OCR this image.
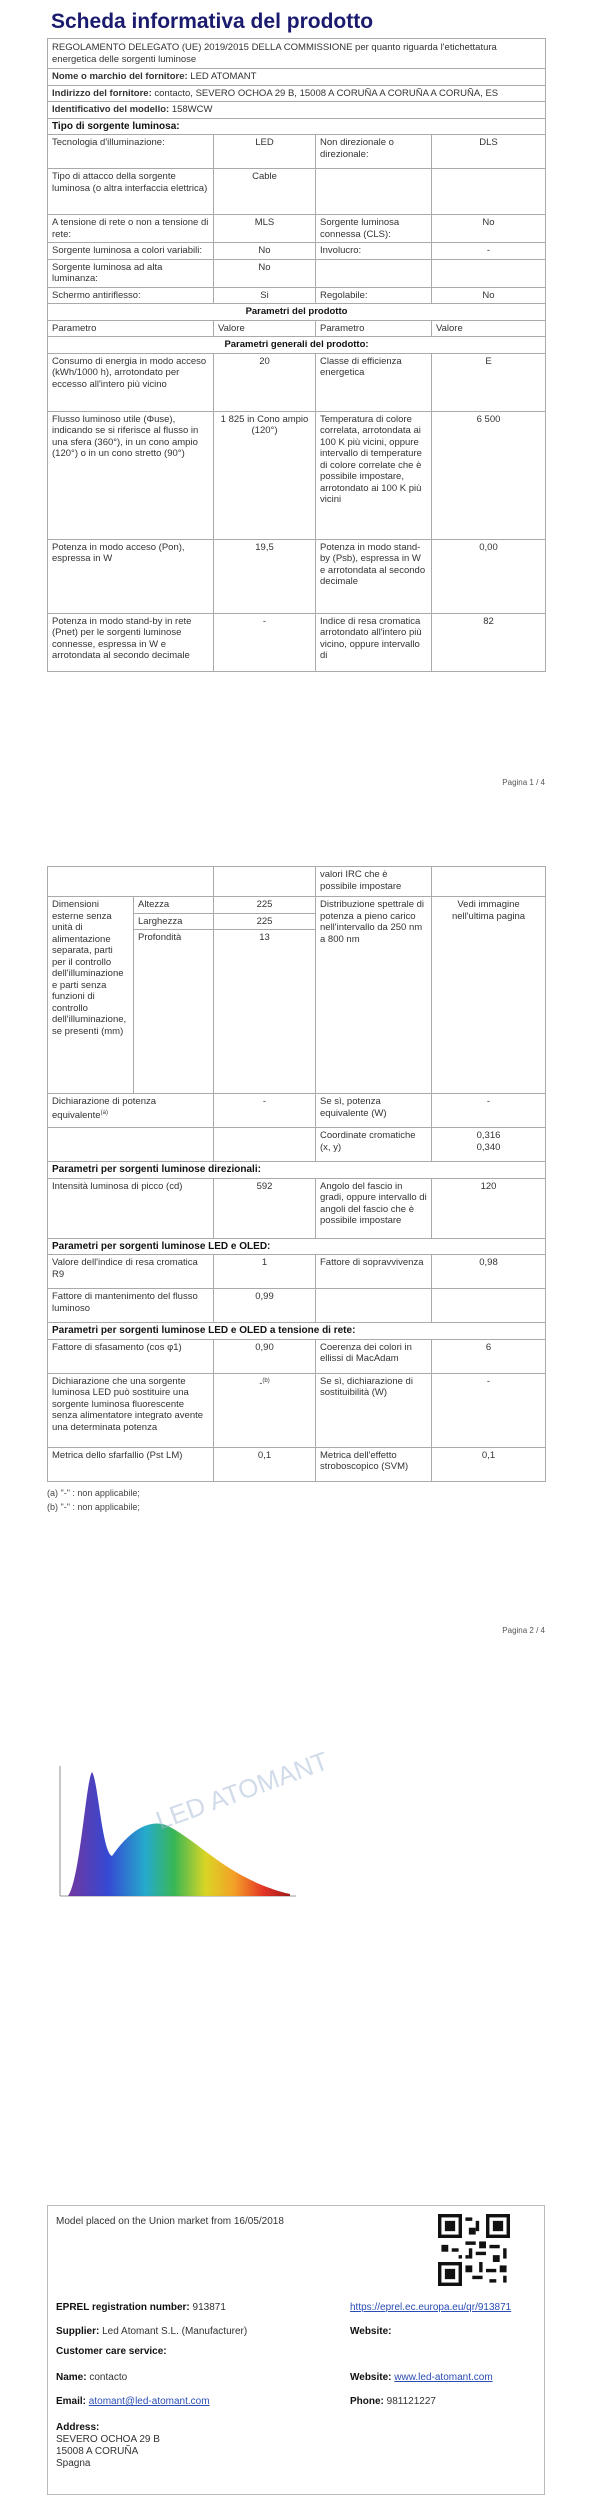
Scheda informativa del prodotto
REGOLAMENTO DELEGATO (UE) 2019/2015 DELLA COMMISSIONE per quanto riguarda l'etichettatura energetica delle sorgenti luminose			
Nome o marchio del fornitore: LED ATOMANT			
Indirizzo del fornitore: contacto, SEVERO OCHOA 29 B, 15008 A CORUÑA A CORUÑA A CORUÑA, ES			
Identificativo del modello: 158WCW			
Tipo di sorgente luminosa:			
Tecnologia d'illuminazione:	LED	Non direzionale o direzionale:	DLS
Tipo di attacco della sorgente luminosa (o altra interfaccia elettrica)	Cable		
A tensione di rete o non a tensione di rete:	MLS	Sorgente luminosa connessa (CLS):	No
Sorgente luminosa a colori variabili:	No	Involucro:	-
Sorgente luminosa ad alta luminanza:	No		
Schermo antiriflesso:	Si	Regolabile:	No
Parametri del prodotto			
Parametro	Valore	Parametro	Valore
Parametri generali del prodotto:			
Consumo di energia in modo acceso (kWh/1000 h), arrotondato per eccesso all'intero più vicino	20	Classe di efficienza energetica	E
Flusso luminoso utile (Φuse), indicando se si riferisce al flusso in una sfera (360°), in un cono ampio (120°) o in un cono stretto (90°)	1 825 in Cono ampio (120°)	Temperatura di colore correlata, arrotondata ai 100 K più vicini, oppure intervallo di temperature di colore correlate che è possibile impostare, arrotondato ai 100 K più vicini	6 500
Potenza in modo acceso (Pon), espressa in W	19,5	Potenza in modo stand-by (Psb), espressa in W e arrotondata al secondo decimale	0,00
Potenza in modo stand-by in rete (Pnet) per le sorgenti luminose connesse, espressa in W e arrotondata al secondo decimale	-	Indice di resa cromatica arrotondato all'intero più vicino, oppure intervallo di	82
Pagina 1 / 4
			valori IRC che è possibile impostare	
Dimensioni esterne senza unità di alimentazione separata, parti per il controllo dell'illuminazione e parti senza funzioni di controllo dell'illuminazione, se presenti (mm)	Altezza	225	Distribuzione spettrale di potenza a pieno carico nell'intervallo da 250 nm a 800 nm	Vedi immagine nell'ultima pagina
	Larghezza	225		
	Profondità	13		
Dichiarazione di potenza equivalente$^{(a)}$		-	Se sì, potenza equivalente (W)	-
			Coordinate cromatiche (x, y)	0,316
0,340

Parametri per sorgenti luminose direzionali:				
Intensità luminosa di picco (cd)		592	Angolo del fascio in gradi, oppure intervallo di angoli del fascio che è possibile impostare	120
Parametri per sorgenti luminose LED e OLED:				
Valore dell'indice di resa cromatica R9		1	Fattore di sopravvivenza	0,98
Fattore di mantenimento del flusso luminoso		0,99		
Parametri per sorgenti luminose LED e OLED a tensione di rete:				
Fattore di sfasamento (cos φ1)		0,90	Coerenza dei colori in ellissi di MacAdam	6
Dichiarazione che una sorgente luminosa LED può sostituire una sorgente luminosa fluorescente senza alimentatore integrato avente una determinata potenza		-$^{(b)}$	Se sì, dichiarazione di sostituibilità (W)	-
Metrica dello sfarfallio (Pst LM)		0,1	Metrica dell'effetto stroboscopico (SVM)	0,1
(a) "-" : non applicabile;
(b) "-" : non applicabile;
Pagina 2 / 4
LED ATOMANT
Model placed on the Union market from 16/05/2018
EPREL registration number: 913871	https://eprel.ec.europa.eu/qr/913871
Supplier: Led Atomant S.L. (Manufacturer)	Website:
Customer care service:
Name: contacto	Website: www.led-atomant.com
Email: atomant@led-atomant.com	Phone: 981121227
Address:
SEVERO OCHOA 29 B
15008 A CORUÑA
Spagna
